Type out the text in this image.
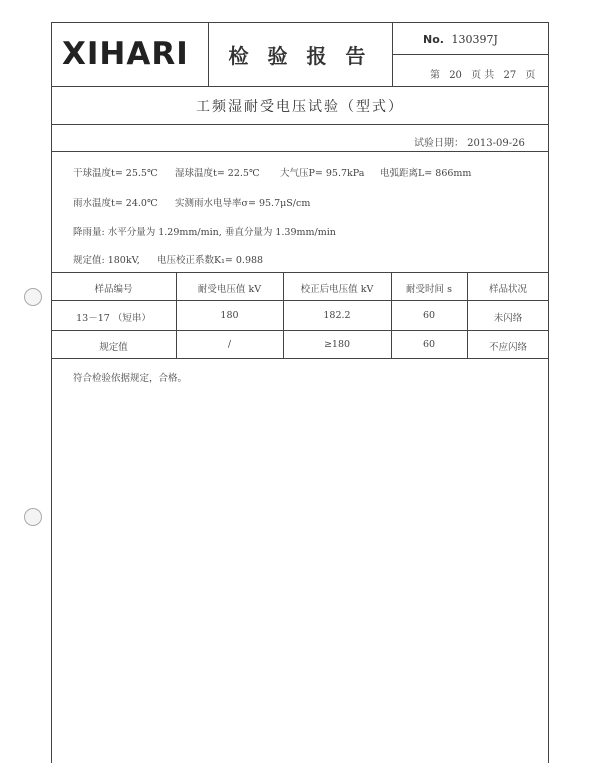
XIHARI	检 验 报 告
No. 130397J
第 20 页 共 27 页
工频湿耐受电压试验（型式）
试验日期： 2013-09-26
干球温度t= 25.5℃ 湿球温度t= 22.5℃ 大气压P= 95.7kPa 电弧距离L= 866mm
雨水温度t= 24.0℃ 实测雨水电导率σ= 95.7μS/cm
降雨量: 水平分量为 1.29mm/min, 垂直分量为 1.39mm/min
规定值: 180kV, 电压校正系数K₁= 0.988
样品编号	耐受电压值 kV	校正后电压值 kV	耐受时间 s	样品状况
13－17 （短串）	180	182.2	60	未闪络
规定值	/	≥180	60	不应闪络
符合检验依据规定，合格。
